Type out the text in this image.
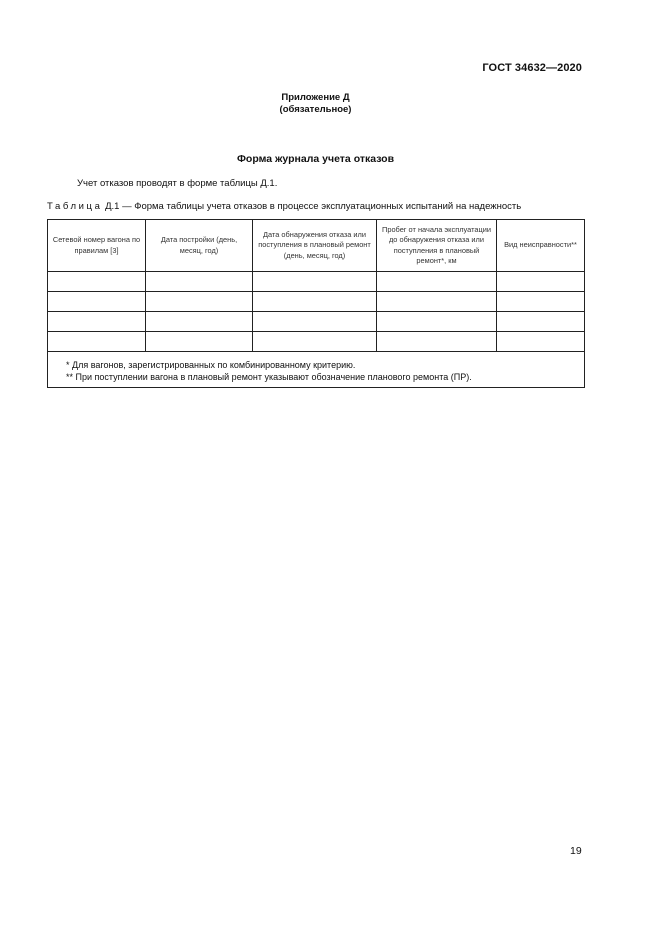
ГОСТ 34632—2020
Приложение Д
(обязательное)
Форма журнала учета отказов
Учет отказов проводят в форме таблицы Д.1.
Таблица Д.1 — Форма таблицы учета отказов в процессе эксплуатационных испытаний на надежность
Сетевой номер вагона по правилам [3]	Дата постройки (день, месяц, год)	Дата обнаружения отказа или поступления в плановый ремонт (день, месяц, год)	Пробег от начала эксплуатации до обнаружения отказа или поступления в плановый ремонт*, км	Вид неисправности**

* Для вагонов, зарегистрированных по комбинированному критерию.
** При поступлении вагона в плановый ремонт указывают обозначение планового ремонта (ПР).				
19
